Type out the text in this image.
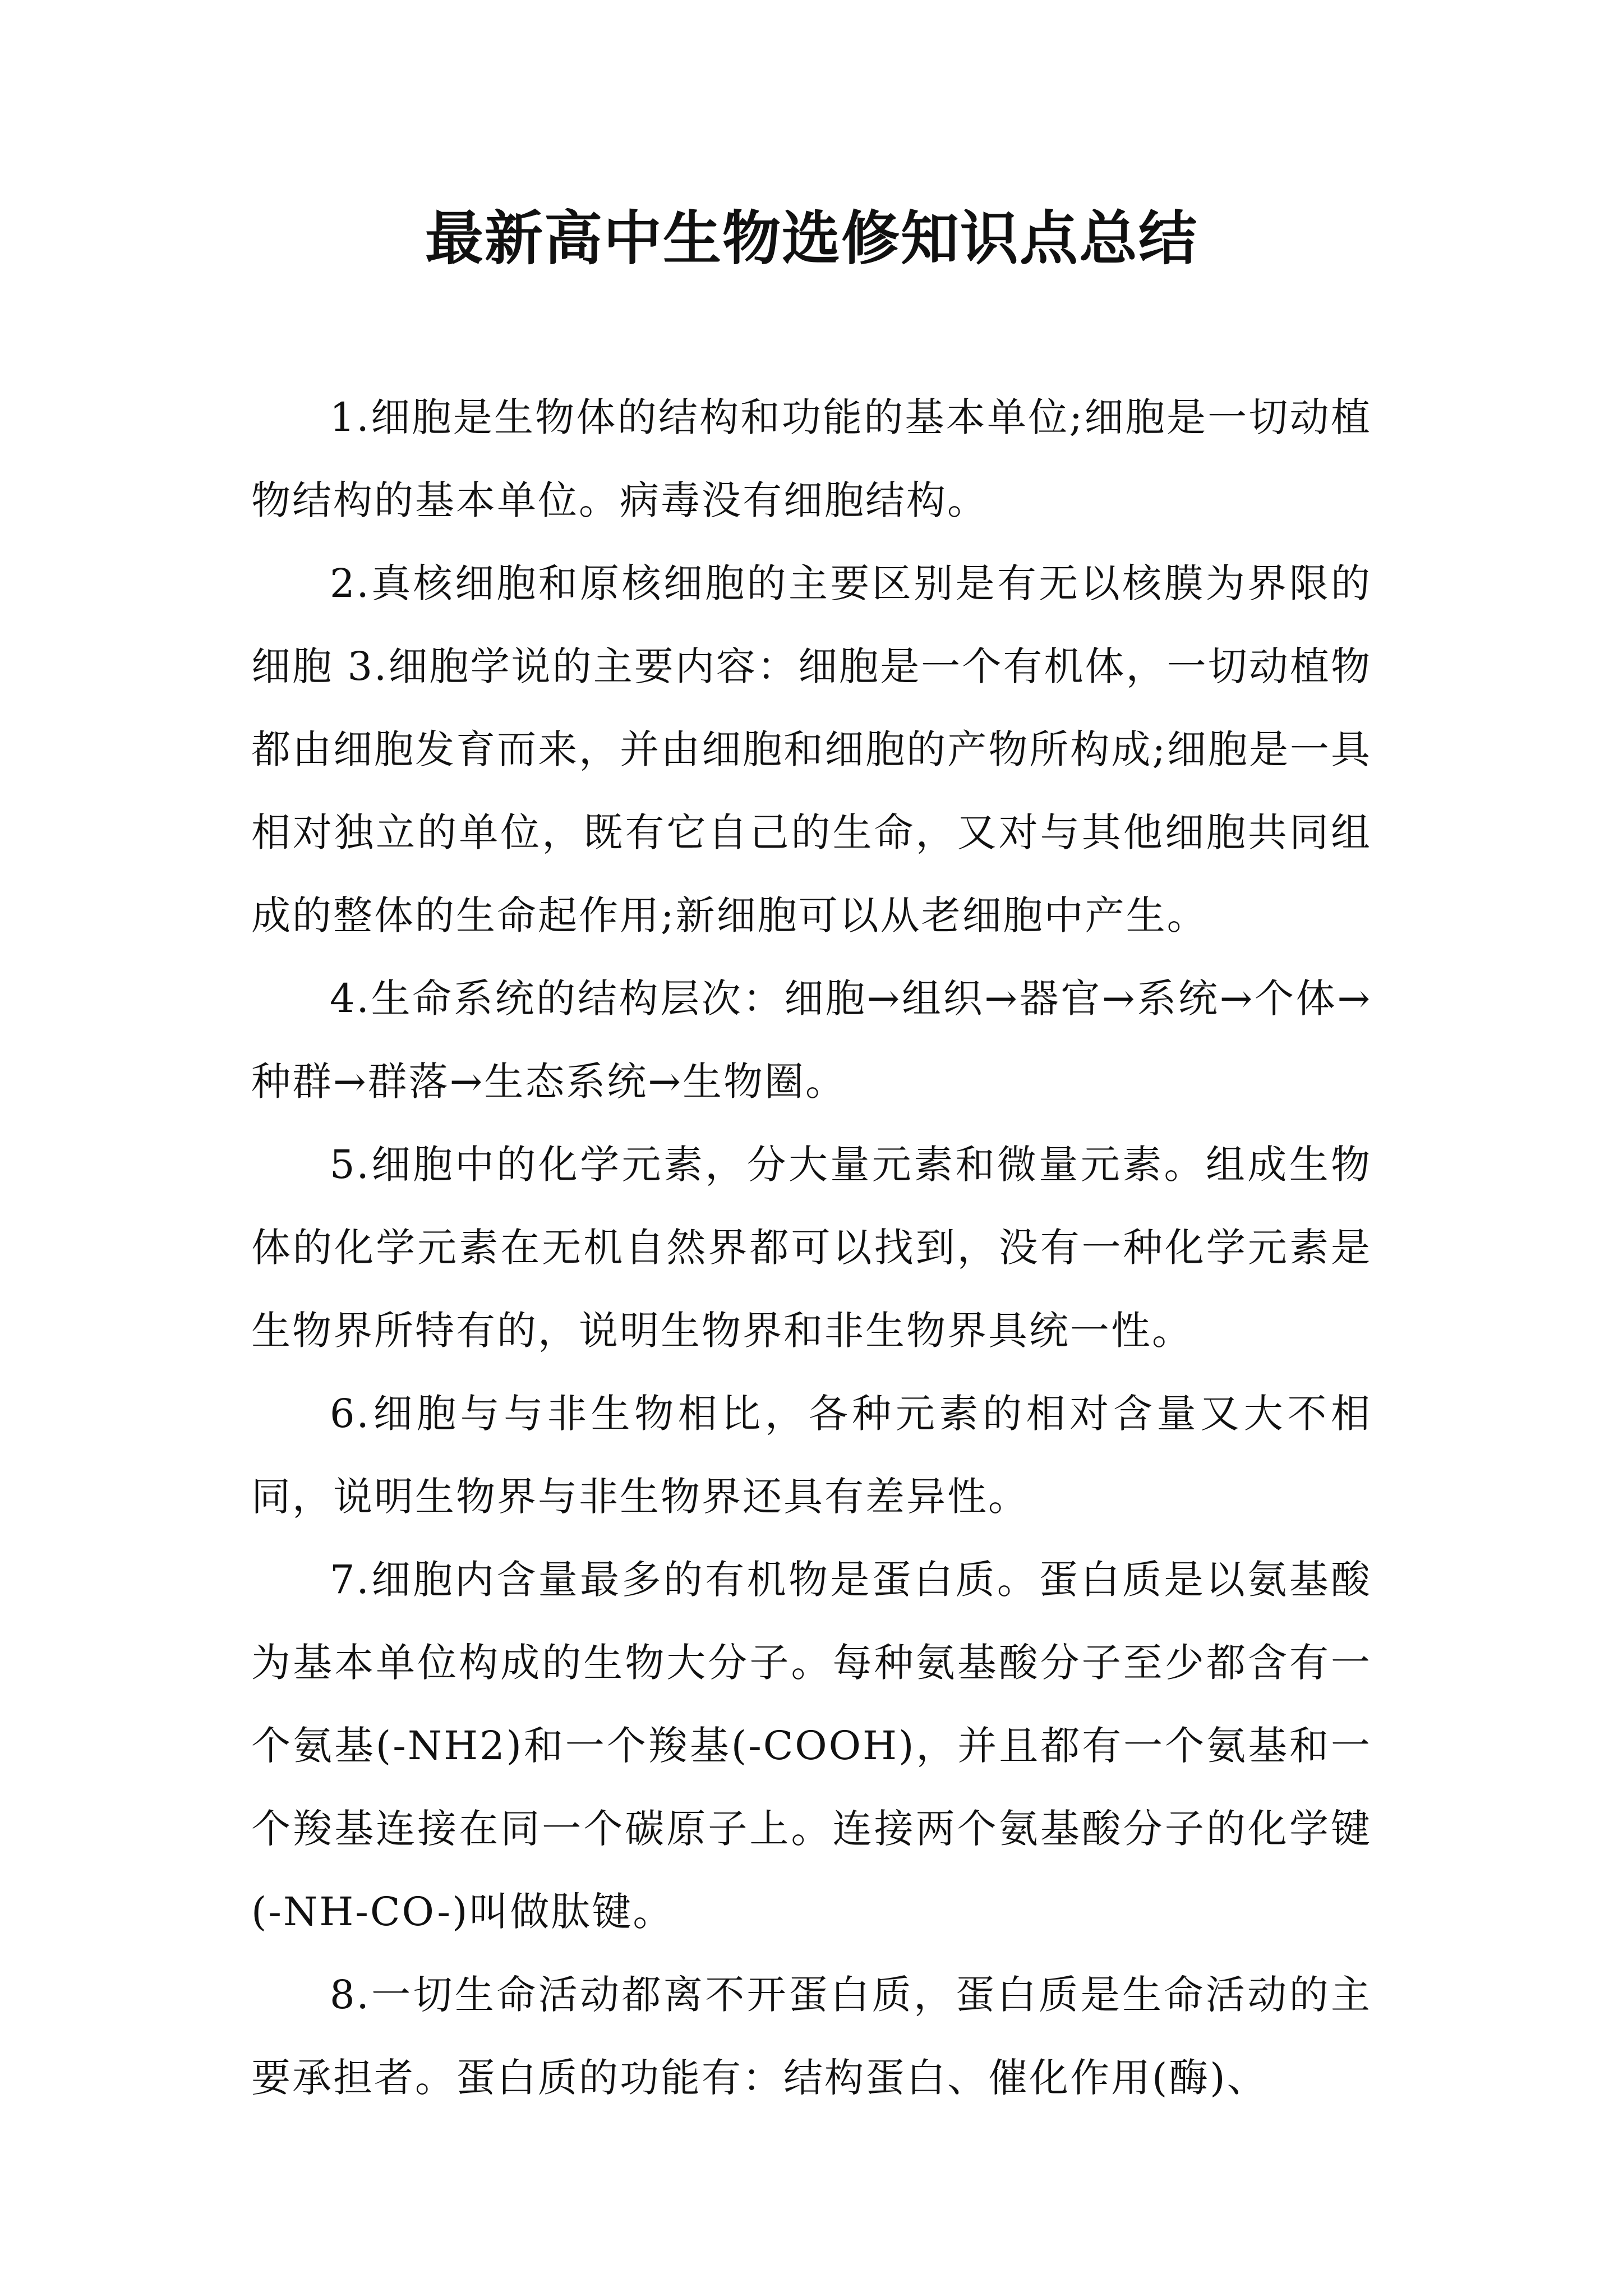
最新高中生物选修知识点总结

1.细胞是生物体的结构和功能的基本单位;细胞是一切动植物结构的基本单位。病毒没有细胞结构。

2.真核细胞和原核细胞的主要区别是有无以核膜为界限的细胞 3.细胞学说的主要内容：细胞是一个有机体，一切动植物都由细胞发育而来，并由细胞和细胞的产物所构成;细胞是一具相对独立的单位，既有它自己的生命，又对与其他细胞共同组成的整体的生命起作用;新细胞可以从老细胞中产生。

4.生命系统的结构层次：细胞→组织→器官→系统→个体→种群→群落→生态系统→生物圈。

5.细胞中的化学元素，分大量元素和微量元素。组成生物体的化学元素在无机自然界都可以找到，没有一种化学元素是生物界所特有的，说明生物界和非生物界具统一性。

6.细胞与与非生物相比，各种元素的相对含量又大不相同，说明生物界与非生物界还具有差异性。

7.细胞内含量最多的有机物是蛋白质。蛋白质是以氨基酸为基本单位构成的生物大分子。每种氨基酸分子至少都含有一个氨基(-NH2)和一个羧基(-COOH)，并且都有一个氨基和一个羧基连接在同一个碳原子上。连接两个氨基酸分子的化学键(-NH-CO-)叫做肽键。

8.一切生命活动都离不开蛋白质，蛋白质是生命活动的主要承担者。蛋白质的功能有：结构蛋白、催化作用(酶)、
